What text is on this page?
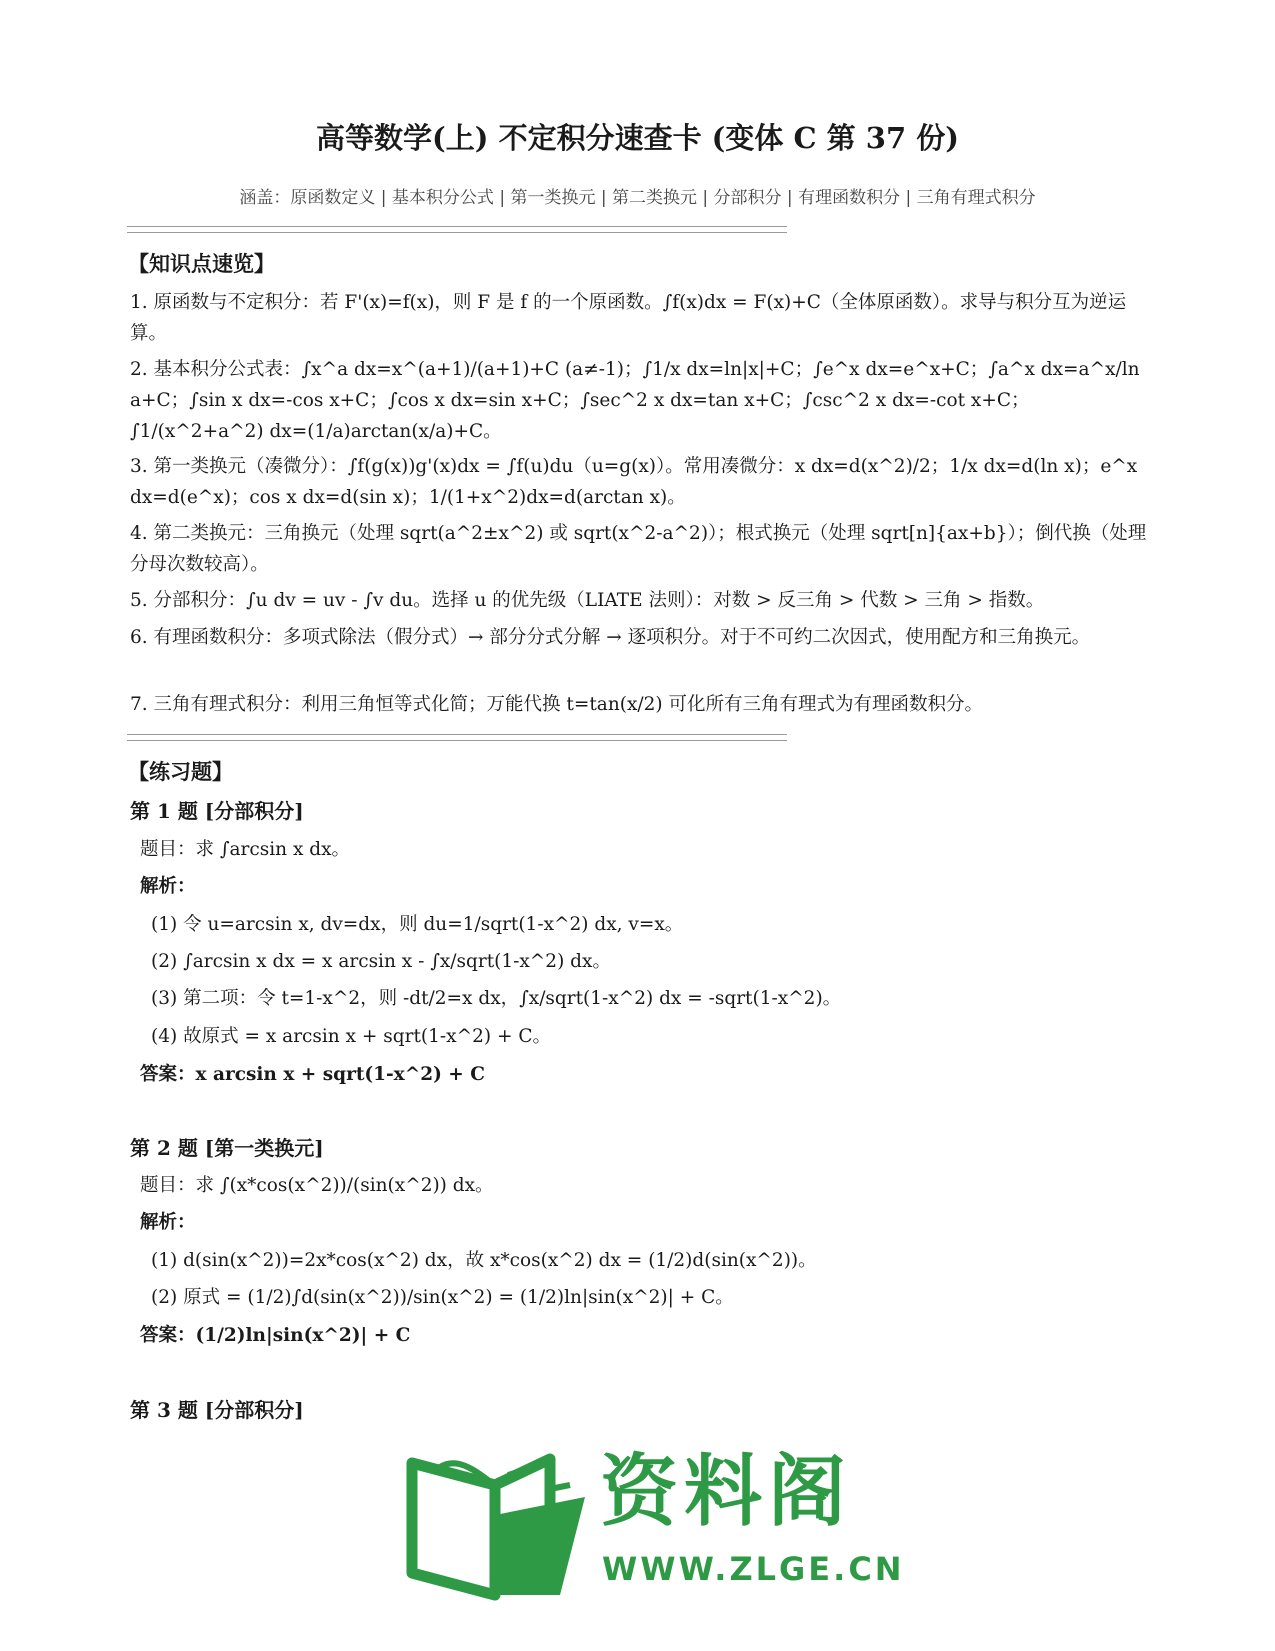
高等数学(上) 不定积分速查卡 (变体 C 第 37 份)
涵盖：原函数定义 | 基本积分公式 | 第一类换元 | 第二类换元 | 分部积分 | 有理函数积分 | 三角有理式积分
【知识点速览】
1. 原函数与不定积分：若 F'(x)=f(x)，则 F 是 f 的一个原函数。∫f(x)dx = F(x)+C（全体原函数）。求导与积分互为逆运算。
2. 基本积分公式表：∫x^a dx=x^(a+1)/(a+1)+C (a≠-1)；∫1/x dx=ln|x|+C；∫e^x dx=e^x+C；∫a^x dx=a^x/ln a+C；∫sin x dx=-cos x+C；∫cos x dx=sin x+C；∫sec^2 x dx=tan x+C；∫csc^2 x dx=-cot x+C；∫1/(x^2+a^2) dx=(1/a)arctan(x/a)+C。
3. 第一类换元（凑微分）：∫f(g(x))g'(x)dx = ∫f(u)du（u=g(x)）。常用凑微分：x dx=d(x^2)/2；1/x dx=d(ln x)；e^x dx=d(e^x)；cos x dx=d(sin x)；1/(1+x^2)dx=d(arctan x)。
4. 第二类换元：三角换元（处理 sqrt(a^2±x^2) 或 sqrt(x^2-a^2)）；根式换元（处理 sqrt[n]{ax+b}）；倒代换（处理分母次数较高）。
5. 分部积分：∫u dv = uv - ∫v du。选择 u 的优先级（LIATE 法则）：对数 > 反三角 > 代数 > 三角 > 指数。
6. 有理函数积分：多项式除法（假分式）→ 部分分式分解 → 逐项积分。对于不可约二次因式，使用配方和三角换元。
7. 三角有理式积分：利用三角恒等式化简；万能代换 t=tan(x/2) 可化所有三角有理式为有理函数积分。
【练习题】
第 1 题 [分部积分]
题目：求 ∫arcsin x dx。
解析：
(1) 令 u=arcsin x, dv=dx，则 du=1/sqrt(1-x^2) dx, v=x。
(2) ∫arcsin x dx = x arcsin x - ∫x/sqrt(1-x^2) dx。
(3) 第二项：令 t=1-x^2，则 -dt/2=x dx，∫x/sqrt(1-x^2) dx = -sqrt(1-x^2)。
(4) 故原式 = x arcsin x + sqrt(1-x^2) + C。
答案：x arcsin x + sqrt(1-x^2) + C
第 2 题 [第一类换元]
题目：求 ∫(x*cos(x^2))/(sin(x^2)) dx。
解析：
(1) d(sin(x^2))=2x*cos(x^2) dx，故 x*cos(x^2) dx = (1/2)d(sin(x^2))。
(2) 原式 = (1/2)∫d(sin(x^2))/sin(x^2) = (1/2)ln|sin(x^2)| + C。
答案：(1/2)ln|sin(x^2)| + C
第 3 题 [分部积分]
资料阁
WWW.ZLGE.CN
